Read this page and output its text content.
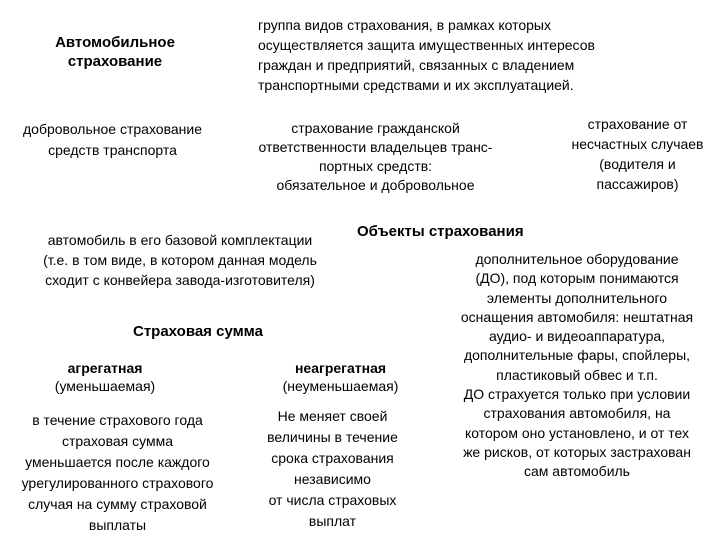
Автомобильное
страхование
группа видов страхования, в рамках которых
осуществляется защита имущественных интересов
граждан и предприятий, связанных с владением
транспортными средствами и их эксплуатацией.
добровольное страхование
средств транспорта
страхование гражданской
ответственности владельцев транс-
портных средств:
обязательное и добровольное
страхование от
несчастных случаев
(водителя и
пассажиров)
автомобиль в его базовой комплектации
(т.е. в том виде, в котором данная модель
сходит с конвейера завода-изготовителя)
Объекты страхования
дополнительное оборудование
(ДО), под которым понимаются
элементы дополнительного
оснащения автомобиля: нештатная
аудио- и видеоаппаратура,
дополнительные фары, спойлеры,
пластиковый обвес и т.п.
ДО страхуется только при условии
страхования автомобиля, на
котором оно установлено, и от тех
же рисков, от которых застрахован
сам автомобиль
Страховая сумма
агрегатная
(уменьшаемая)
в течение страхового года
страховая сумма
уменьшается после каждого
урегулированного страхового
случая на сумму страховой
выплаты
неагрегатная
(неуменьшаемая)
Не меняет своей
величины в течение
срока страхования
независимо
от числа страховых
выплат
